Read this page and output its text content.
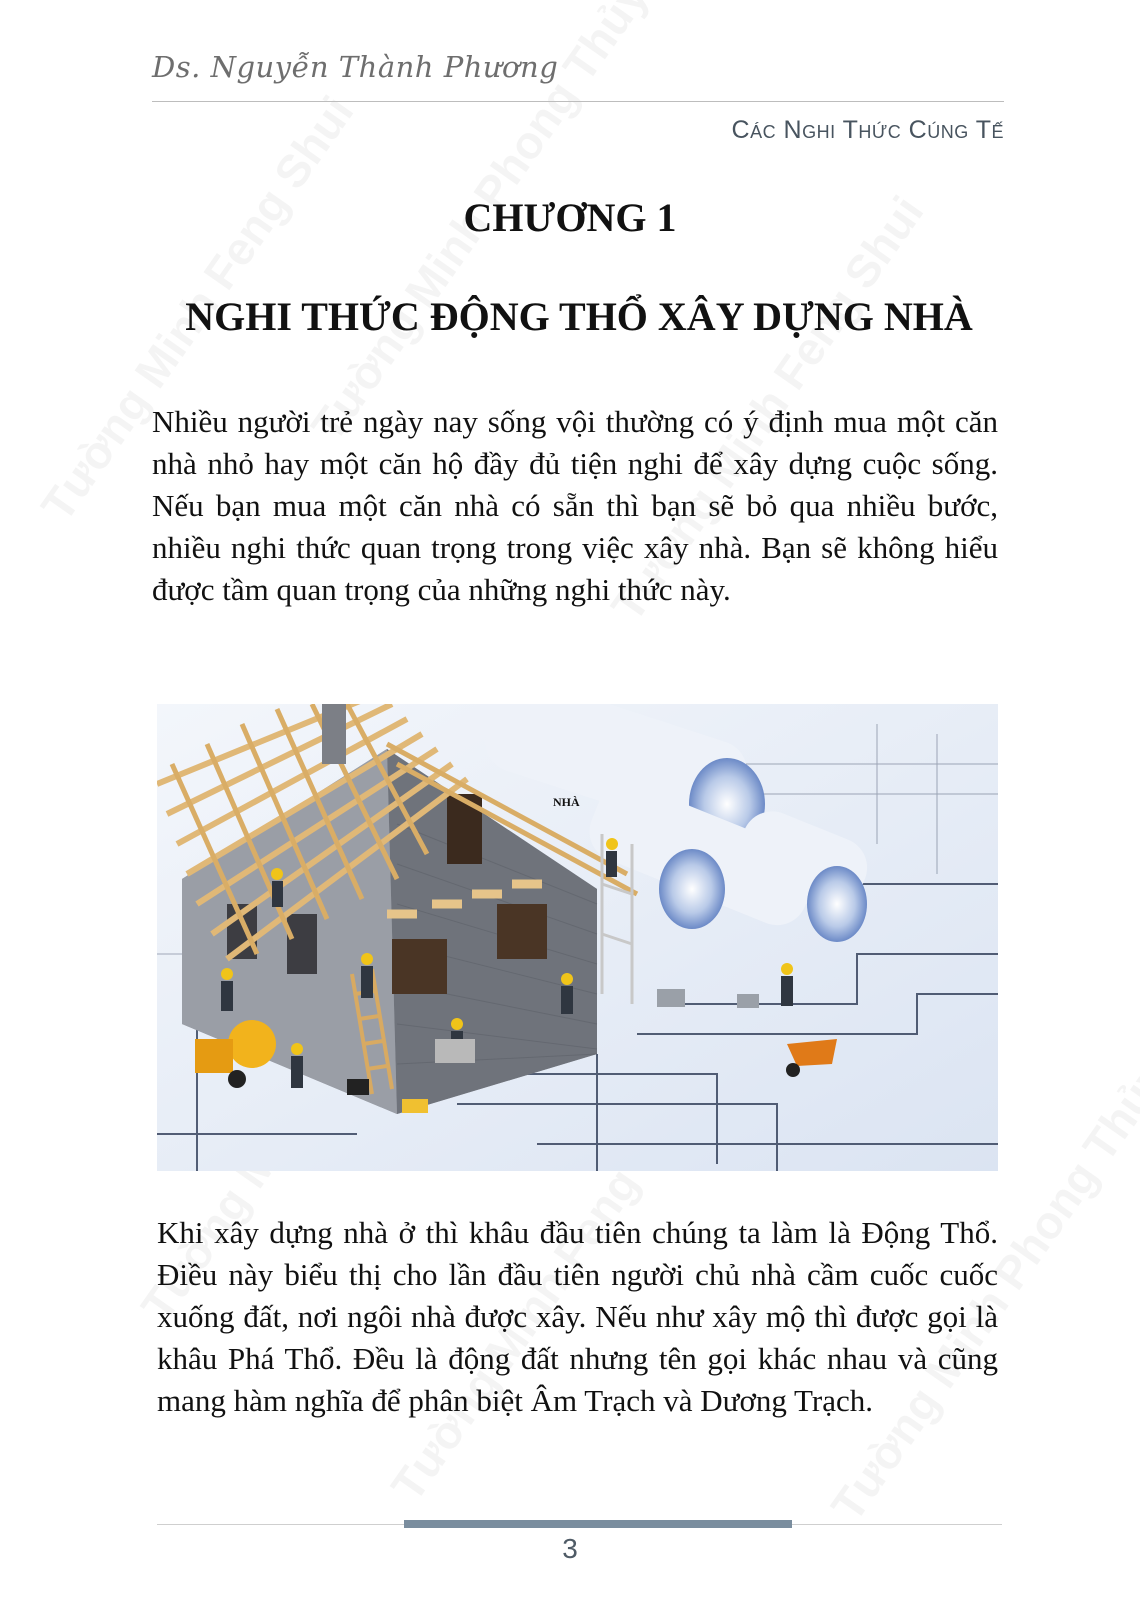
Ds. Nguyễn Thành Phương
Các Nghi Thức Cúng Tế
CHƯƠNG 1
NGHI THỨC ĐỘNG THỔ XÂY DỰNG NHÀ
Nhiều người trẻ ngày nay sống vội thường có ý định mua một căn nhà nhỏ hay một căn hộ đầy đủ tiện nghi để xây dựng cuộc sống. Nếu bạn mua một căn nhà có sẵn thì bạn sẽ bỏ qua nhiều bước, nhiều nghi thức quan trọng trong việc xây nhà. Bạn sẽ không hiểu được tầm quan trọng của những nghi thức này.
NHÀ
Khi xây dựng nhà ở thì khâu đầu tiên chúng ta làm là Động Thổ. Điều này biểu thị cho lần đầu tiên người chủ nhà cầm cuốc cuốc xuống đất, nơi ngôi nhà được xây. Nếu như xây mộ thì được gọi là khâu Phá Thổ. Đều là động đất nhưng tên gọi khác nhau và cũng mang hàm nghĩa để phân biệt Âm Trạch và Dương Trạch.
3
